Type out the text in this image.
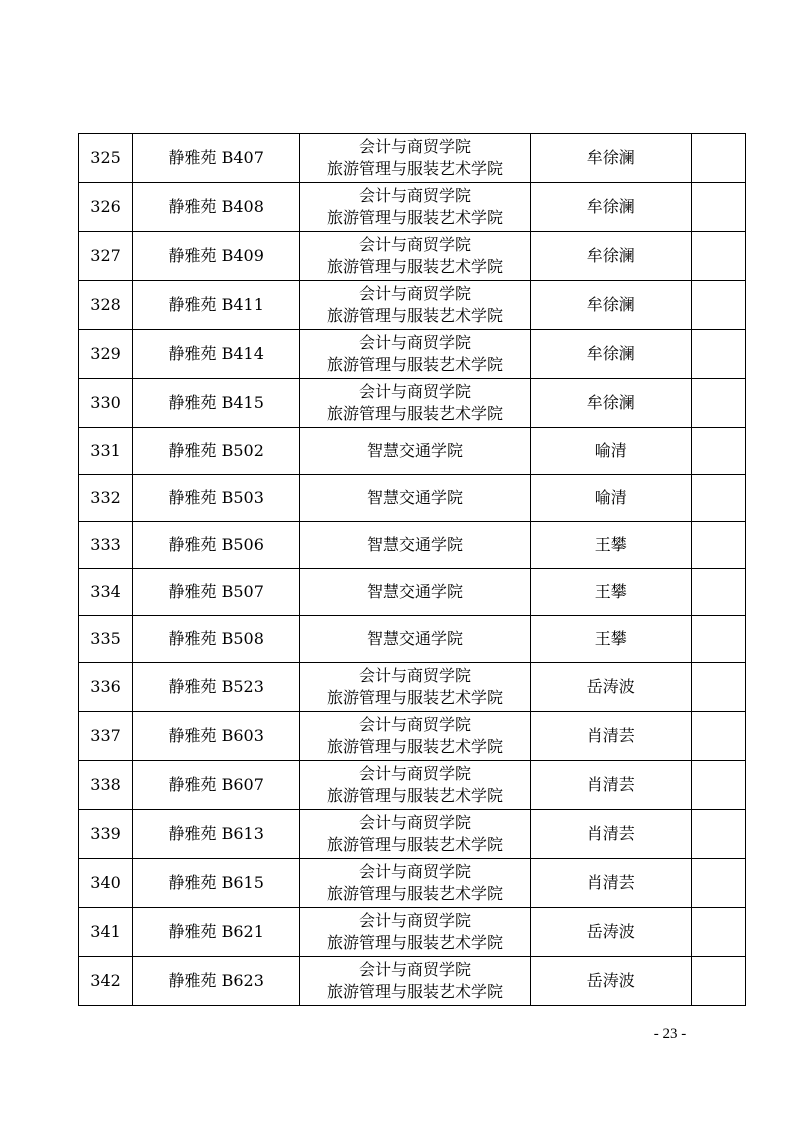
325	静雅苑 B407	会计与商贸学院
旅游管理与服装艺术学院	牟徐澜	
326	静雅苑 B408	会计与商贸学院
旅游管理与服装艺术学院	牟徐澜	
327	静雅苑 B409	会计与商贸学院
旅游管理与服装艺术学院	牟徐澜	
328	静雅苑 B411	会计与商贸学院
旅游管理与服装艺术学院	牟徐澜	
329	静雅苑 B414	会计与商贸学院
旅游管理与服装艺术学院	牟徐澜	
330	静雅苑 B415	会计与商贸学院
旅游管理与服装艺术学院	牟徐澜	
331	静雅苑 B502	智慧交通学院	喻清	
332	静雅苑 B503	智慧交通学院	喻清	
333	静雅苑 B506	智慧交通学院	王攀	
334	静雅苑 B507	智慧交通学院	王攀	
335	静雅苑 B508	智慧交通学院	王攀	
336	静雅苑 B523	会计与商贸学院
旅游管理与服装艺术学院	岳涛波	
337	静雅苑 B603	会计与商贸学院
旅游管理与服装艺术学院	肖清芸	
338	静雅苑 B607	会计与商贸学院
旅游管理与服装艺术学院	肖清芸	
339	静雅苑 B613	会计与商贸学院
旅游管理与服装艺术学院	肖清芸	
340	静雅苑 B615	会计与商贸学院
旅游管理与服装艺术学院	肖清芸	
341	静雅苑 B621	会计与商贸学院
旅游管理与服装艺术学院	岳涛波	
342	静雅苑 B623	会计与商贸学院
旅游管理与服装艺术学院	岳涛波	
- 23 -
